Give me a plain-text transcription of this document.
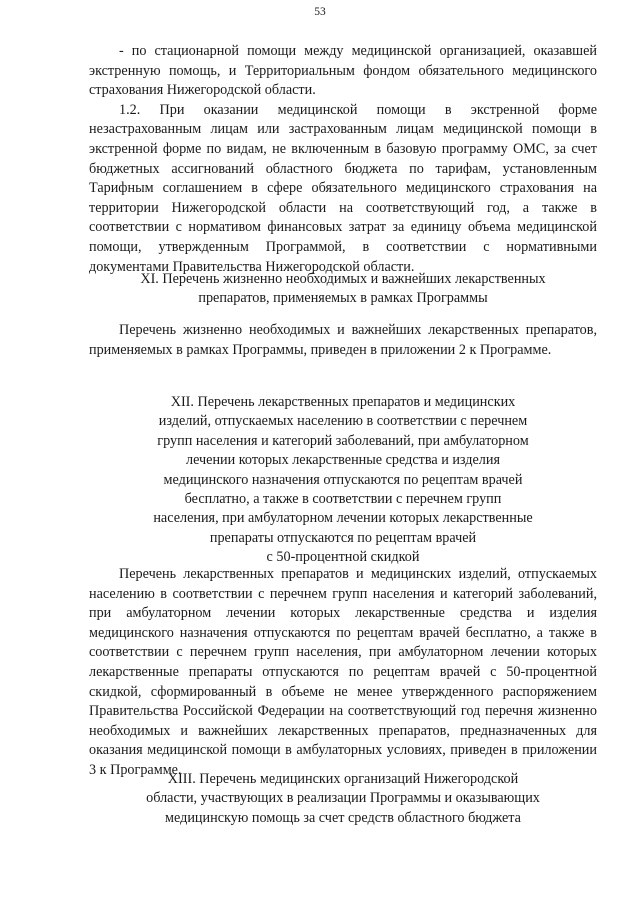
53

- по стационарной помощи между медицинской организацией, оказавшей экстренную помощь, и Территориальным фондом обязательного медицинского страхования Нижегородской области.

1.2. При оказании медицинской помощи в экстренной форме незастрахованным лицам или застрахованным лицам медицинской помощи в экстренной форме по видам, не включенным в базовую программу ОМС, за счет бюджетных ассигнований областного бюджета по тарифам, установленным Тарифным соглашением в сфере обязательного медицинского страхования на территории Нижегородской области на соответствующий год, а также в соответствии с нормативом финансовых затрат за единицу объема медицинской помощи, утвержденным Программой, в соответствии с нормативными документами Правительства Нижегородской области.

XI. Перечень жизненно необходимых и важнейших лекарственных
препаратов, применяемых в рамках Программы

Перечень жизненно необходимых и важнейших лекарственных препаратов, применяемых в рамках Программы, приведен в приложении 2 к Программе.

XII. Перечень лекарственных препаратов и медицинских
изделий, отпускаемых населению в соответствии с перечнем
групп населения и категорий заболеваний, при амбулаторном
лечении которых лекарственные средства и изделия
медицинского назначения отпускаются по рецептам врачей
бесплатно, а также в соответствии с перечнем групп
населения, при амбулаторном лечении которых лекарственные
препараты отпускаются по рецептам врачей
с 50-процентной скидкой

Перечень лекарственных препаратов и медицинских изделий, отпускаемых населению в соответствии с перечнем групп населения и категорий заболеваний, при амбулаторном лечении которых лекарственные средства и изделия медицинского назначения отпускаются по рецептам врачей бесплатно, а также в соответствии с перечнем групп населения, при амбулаторном лечении которых лекарственные препараты отпускаются по рецептам врачей с 50-процентной скидкой, сформированный в объеме не менее утвержденного распоряжением Правительства Российской Федерации на соответствующий год перечня жизненно необходимых и важнейших лекарственных препаратов, предназначенных для оказания медицинской помощи в амбулаторных условиях, приведен в приложении 3 к Программе.

XIII. Перечень медицинских организаций Нижегородской
области, участвующих в реализации Программы и оказывающих
медицинскую помощь за счет средств областного бюджета
